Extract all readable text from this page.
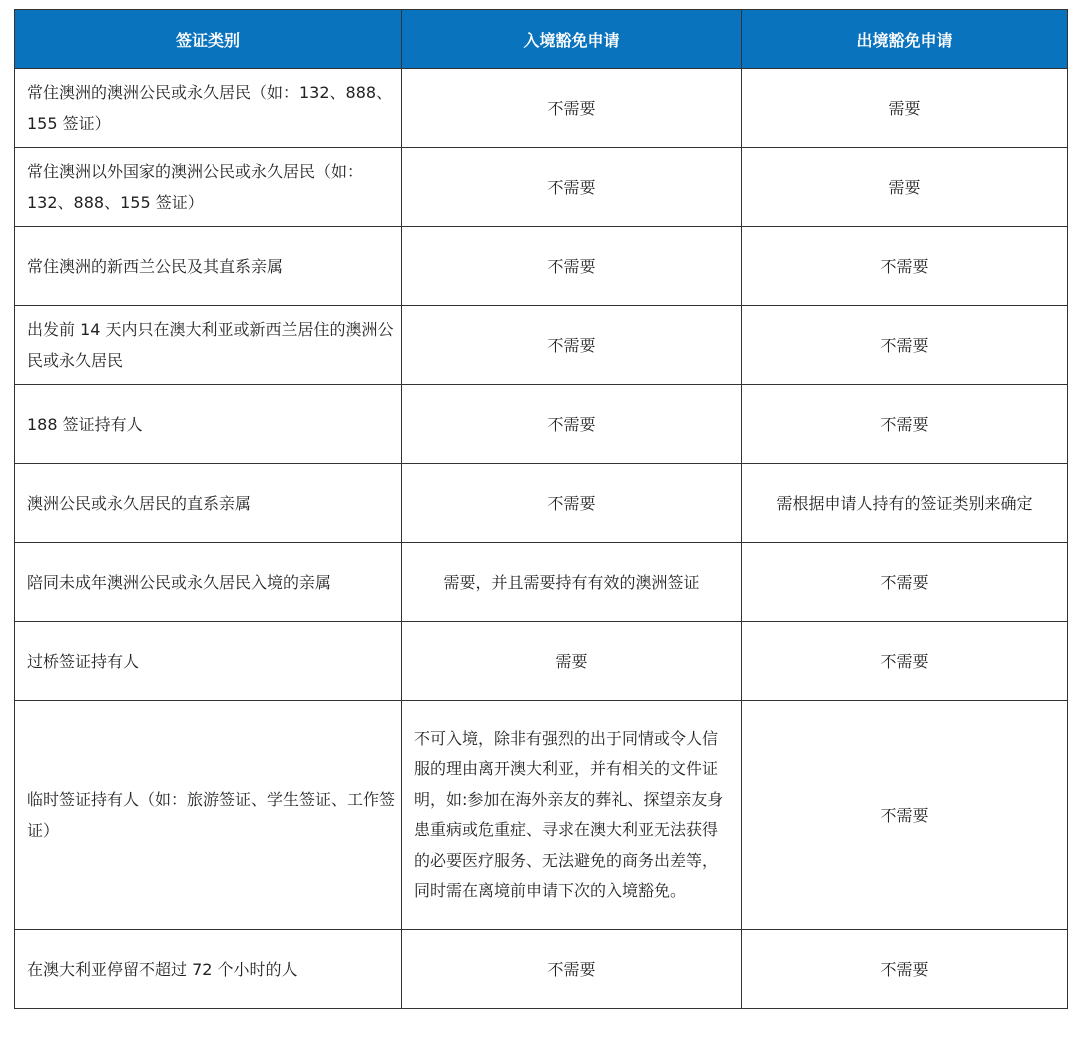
签证类别	入境豁免申请	出境豁免申请
常住澳洲的澳洲公民或永久居民（如：132、888、155 签证）	不需要	需要
常住澳洲以外国家的澳洲公民或永久居民（如：132、888、155 签证）	不需要	需要
常住澳洲的新西兰公民及其直系亲属	不需要	不需要
出发前 14 天内只在澳大利亚或新西兰居住的澳洲公民或永久居民	不需要	不需要
188 签证持有人	不需要	不需要
澳洲公民或永久居民的直系亲属	不需要	需根据申请人持有的签证类别来确定
陪同未成年澳洲公民或永久居民入境的亲属	需要，并且需要持有有效的澳洲签证	不需要
过桥签证持有人	需要	不需要
临时签证持有人（如：旅游签证、学生签证、工作签证）	不可入境，除非有强烈的出于同情或令人信服的理由离开澳大利亚，并有相关的文件证明，如:参加在海外亲友的葬礼、探望亲友身患重病或危重症、寻求在澳大利亚无法获得的必要医疗服务、无法避免的商务出差等，同时需在离境前申请下次的入境豁免。	不需要
在澳大利亚停留不超过 72 个小时的人	不需要	不需要
